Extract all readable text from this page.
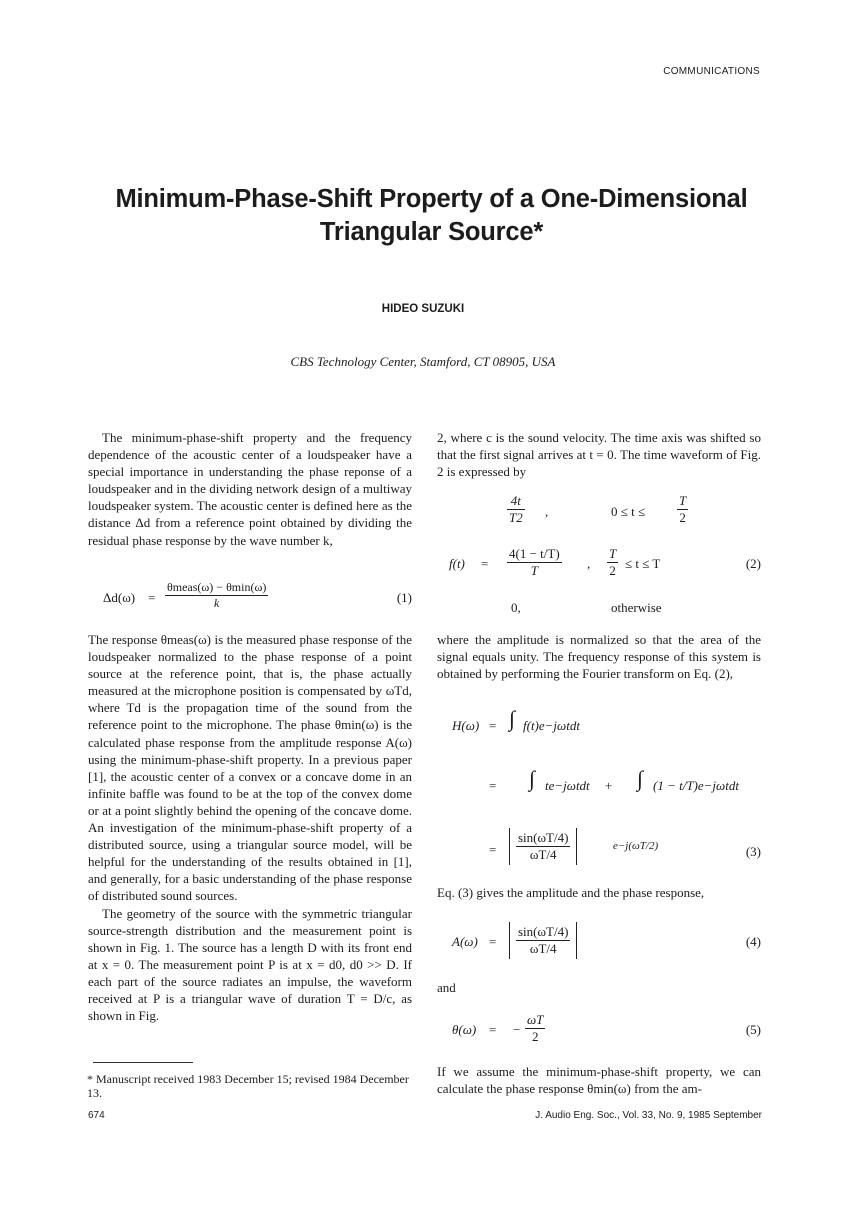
COMMUNICATIONS
Minimum-Phase-Shift Property of a One-Dimensional
Triangular Source*
HIDEO SUZUKI
CBS Technology Center, Stamford, CT 08905, USA

The minimum-phase-shift property and the frequency dependence of the acoustic center of a loudspeaker have a special importance in understanding the phase reponse of a loudspeaker and in the dividing network design of a multiway loudspeaker system. The acoustic center is defined here as the distance Δd from a reference point obtained by dividing the residual phase response by the wave number k,

Δd(ω) =
θmeas(ω) − θmin(ω)
k	(1)

The response θmeas(ω) is the measured phase response of the loudspeaker normalized to the phase response of a point source at the reference point, that is, the phase actually measured at the microphone position is compensated by ωTd, where Td is the propagation time of the sound from the reference point to the microphone. The phase θmin(ω) is the calculated phase response from the amplitude response A(ω) using the minimum-phase-shift property. In a previous paper [1], the acoustic center of a convex or a concave dome in an infinite baffle was found to be at the top of the convex dome or at a point slightly behind the opening of the concave dome. An investigation of the minimum-phase-shift property of a distributed source, using a triangular source model, will be helpful for the understanding of the results obtained in [1], and generally, for a basic understanding of the phase response of distributed sound sources.

The geometry of the source with the symmetric triangular source-strength distribution and the measurement point is shown in Fig. 1. The source has a length D with its front end at x = 0. The measurement point P is at x = d0, d0 >> D. If each part of the source radiates an impulse, the waveform received at P is a triangular wave of duration T = D/c, as shown in Fig.

* Manuscript received 1983 December 15; revised 1984 December 13.

2, where c is the sound velocity. The time axis was shifted so that the first signal arrives at t = 0. The time waveform of Fig. 2 is expressed by

$\frac{4t}{T2}$ ,	$0 \le t \le \frac{T}{2}$
$f(t) = \frac{4(1 - t/T)}{T}$ , $\frac{T}{2} \le t \le T$	(2)
0,	otherwise

where the amplitude is normalized so that the area of the signal equals unity. The frequency response of this system is obtained by performing the Fourier transform on Eq. (2),

H(ω) = ∫ f(t)e−jωtdt
= ∫ te−jωtdt + ∫ (1 − t/T)e−jωtdt
= $\frac{\sin(\omega T/4)}{\omega T/4}$	e−j(ωT/2)	(3)

Eq. (3) gives the amplitude and the phase response,

$A(\omega) = \frac{\sin(\omega T/4)}{\omega T/4}$	(4)

and

θ(ω) = − $\frac{\omega T}{2}$	(5)

If we assume the minimum-phase-shift property, we can calculate the phase response θmin(ω) from the am-

674	J. Audio Eng. Soc., Vol. 33, No. 9, 1985 September
